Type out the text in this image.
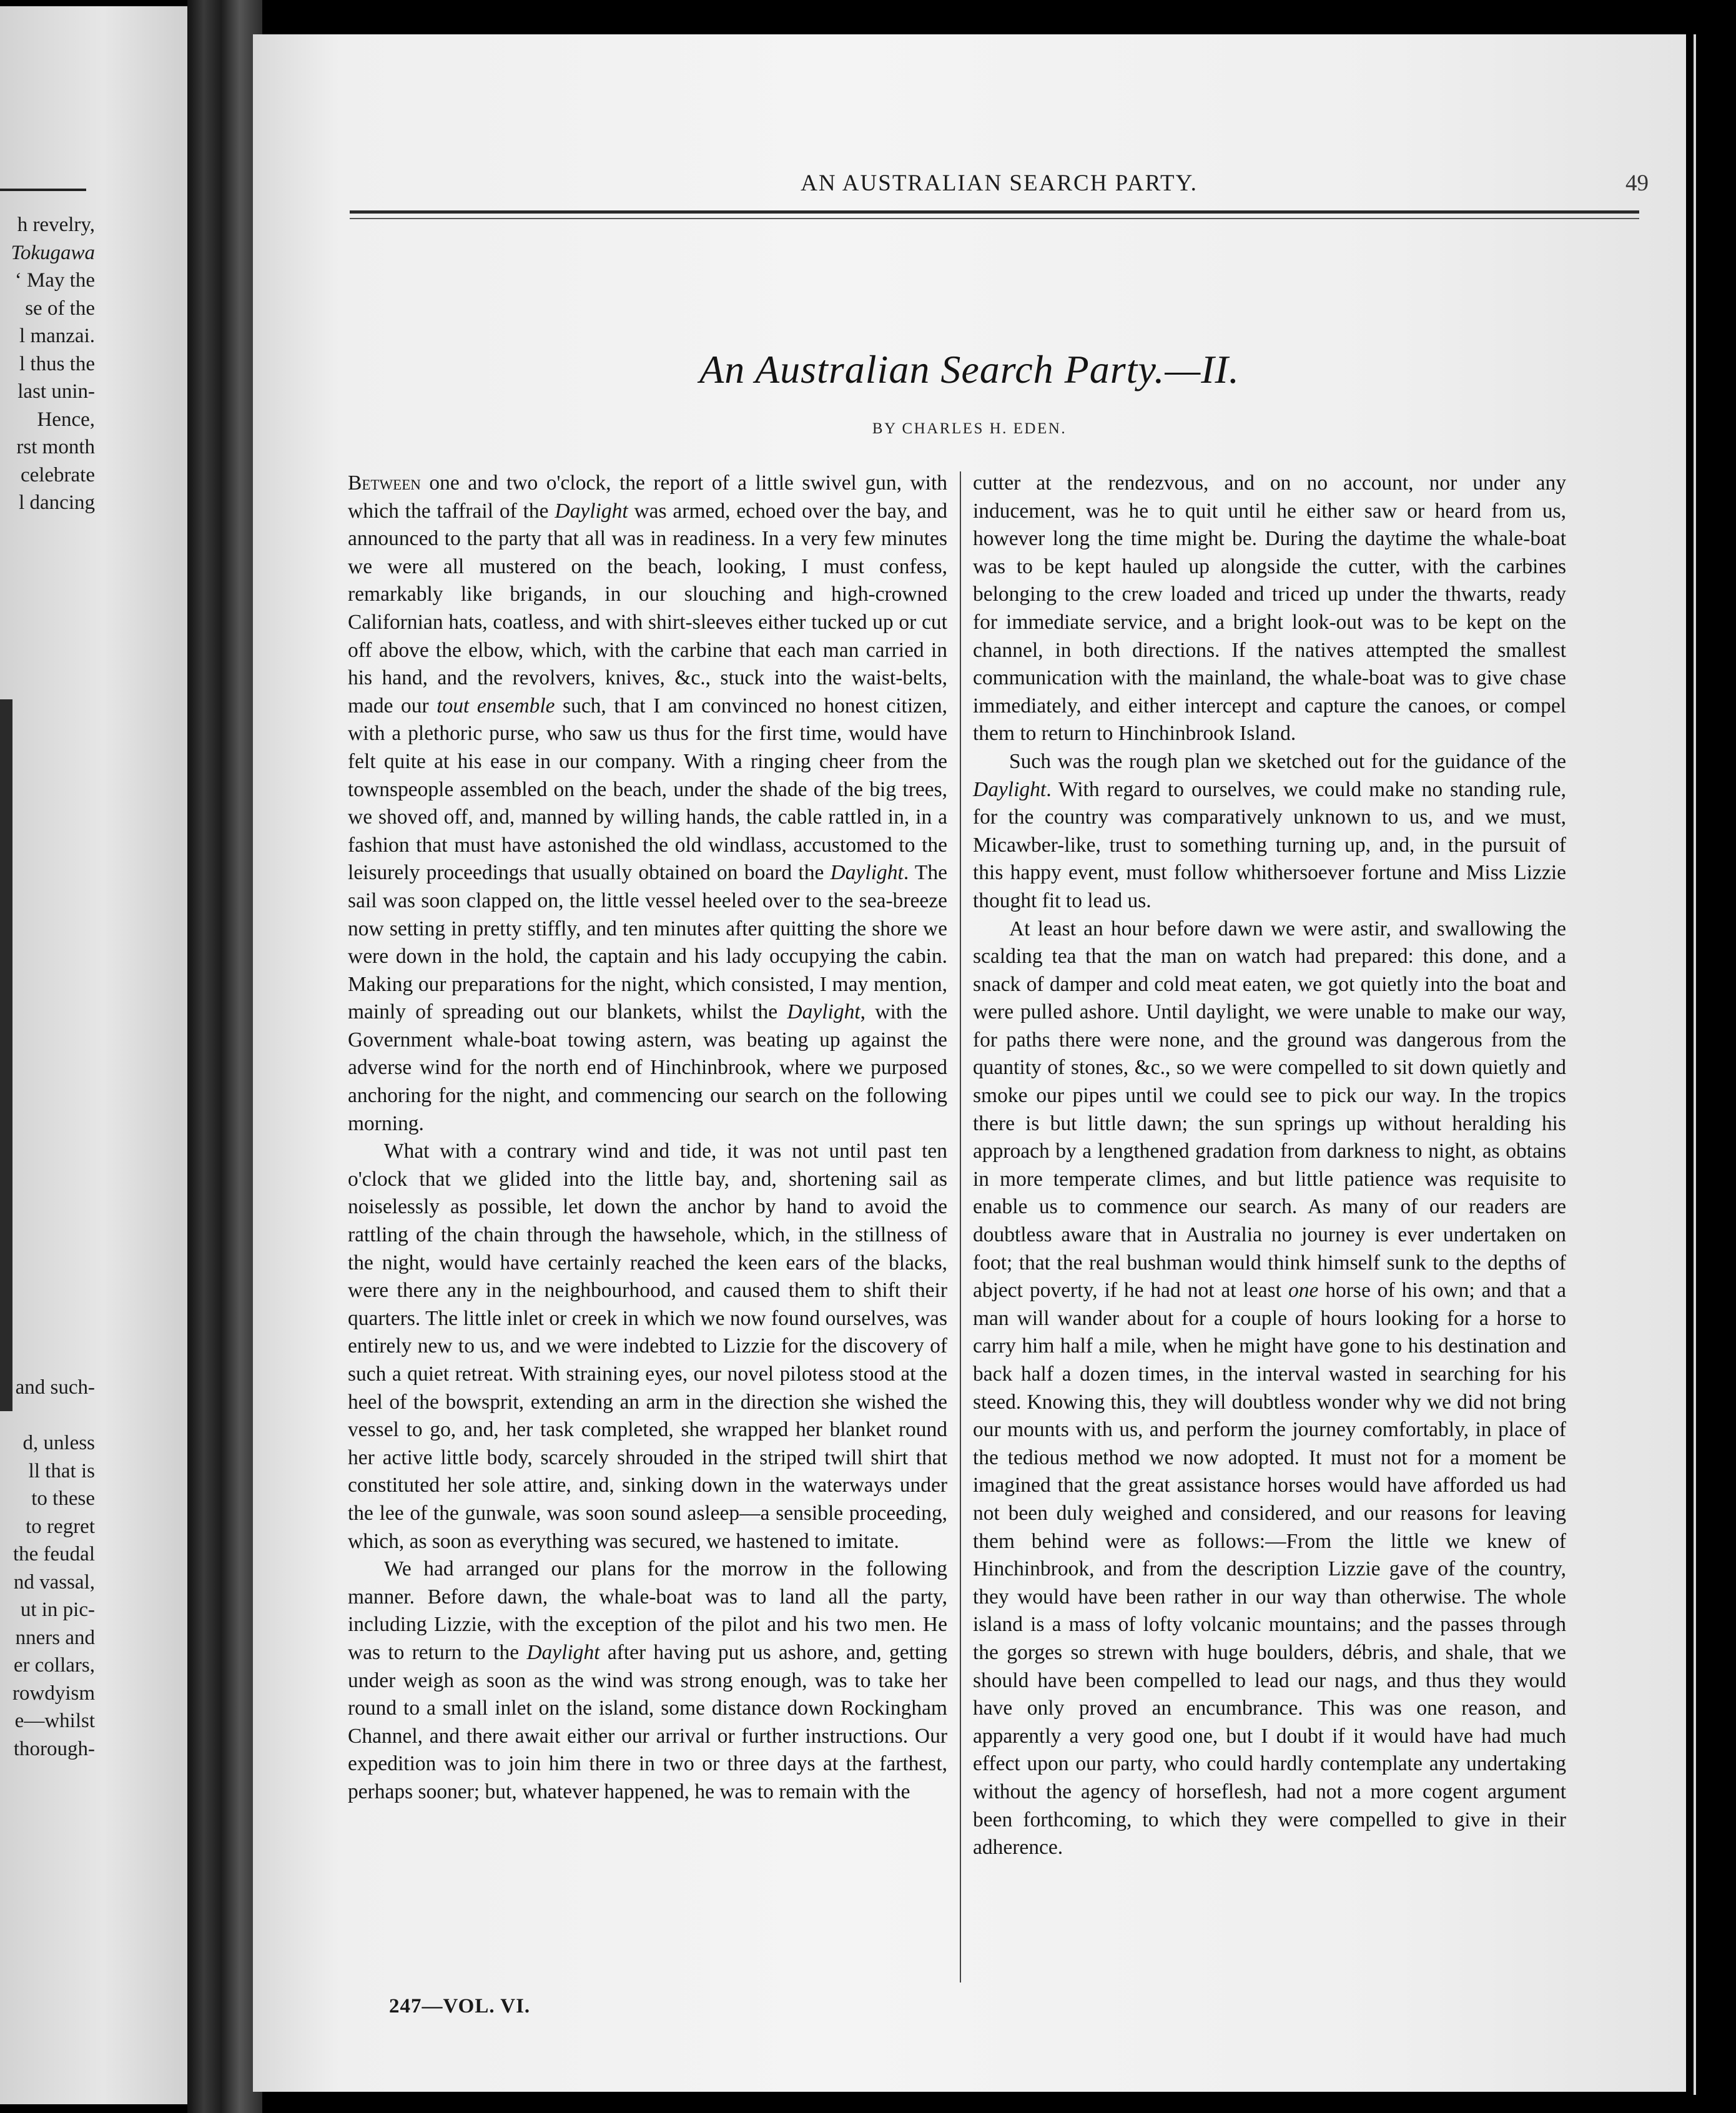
h revelry,
Tokugawa
‘ May the
se of the
l manzai.
l thus the
last unin-
Hence,
rst month
celebrate
l dancing
and such-

d, unless
ll that is
to these
to regret
the feudal
nd vassal,
ut in pic-
nners and
er collars,
rowdyism
e—whilst
thorough-
AN AUSTRALIAN SEARCH PARTY.	49
An Australian Search Party.—II.
BY CHARLES H. EDEN.

Between one and two o'clock, the report of a little swivel gun, with which the taffrail of the Daylight was armed, echoed over the bay, and announced to the party that all was in readiness. In a very few minutes we were all mustered on the beach, looking, I must confess, remarkably like brigands, in our slouching and high-crowned Californian hats, coatless, and with shirt-sleeves either tucked up or cut off above the elbow, which, with the carbine that each man carried in his hand, and the revolvers, knives, &c., stuck into the waist-belts, made our tout ensemble such, that I am convinced no honest citizen, with a plethoric purse, who saw us thus for the first time, would have felt quite at his ease in our company. With a ringing cheer from the townspeople assembled on the beach, under the shade of the big trees, we shoved off, and, manned by willing hands, the cable rattled in, in a fashion that must have astonished the old windlass, accustomed to the leisurely proceedings that usually obtained on board the Daylight. The sail was soon clapped on, the little vessel heeled over to the sea-breeze now setting in pretty stiffly, and ten minutes after quitting the shore we were down in the hold, the captain and his lady occupying the cabin. Making our preparations for the night, which consisted, I may mention, mainly of spreading out our blankets, whilst the Daylight, with the Government whale-boat towing astern, was beating up against the adverse wind for the north end of Hinchinbrook, where we purposed anchoring for the night, and commencing our search on the following morning.

What with a contrary wind and tide, it was not until past ten o'clock that we glided into the little bay, and, shortening sail as noiselessly as possible, let down the anchor by hand to avoid the rattling of the chain through the hawsehole, which, in the stillness of the night, would have certainly reached the keen ears of the blacks, were there any in the neighbourhood, and caused them to shift their quarters. The little inlet or creek in which we now found ourselves, was entirely new to us, and we were indebted to Lizzie for the discovery of such a quiet retreat. With straining eyes, our novel pilotess stood at the heel of the bowsprit, extending an arm in the direction she wished the vessel to go, and, her task completed, she wrapped her blanket round her active little body, scarcely shrouded in the striped twill shirt that constituted her sole attire, and, sinking down in the waterways under the lee of the gunwale, was soon sound asleep—a sensible proceeding, which, as soon as everything was secured, we hastened to imitate.

We had arranged our plans for the morrow in the following manner. Before dawn, the whale-boat was to land all the party, including Lizzie, with the exception of the pilot and his two men. He was to return to the Daylight after having put us ashore, and, getting under weigh as soon as the wind was strong enough, was to take her round to a small inlet on the island, some distance down Rockingham Channel, and there await either our arrival or further instructions. Our expedition was to join him there in two or three days at the farthest, perhaps sooner; but, whatever happened, he was to remain with the

cutter at the rendezvous, and on no account, nor under any inducement, was he to quit until he either saw or heard from us, however long the time might be. During the daytime the whale-boat was to be kept hauled up alongside the cutter, with the carbines belonging to the crew loaded and triced up under the thwarts, ready for immediate service, and a bright look-out was to be kept on the channel, in both directions. If the natives attempted the smallest communication with the mainland, the whale-boat was to give chase immediately, and either intercept and capture the canoes, or compel them to return to Hinchinbrook Island.

Such was the rough plan we sketched out for the guidance of the Daylight. With regard to ourselves, we could make no standing rule, for the country was comparatively unknown to us, and we must, Micawber-like, trust to something turning up, and, in the pursuit of this happy event, must follow whithersoever fortune and Miss Lizzie thought fit to lead us.

At least an hour before dawn we were astir, and swallowing the scalding tea that the man on watch had prepared: this done, and a snack of damper and cold meat eaten, we got quietly into the boat and were pulled ashore. Until daylight, we were unable to make our way, for paths there were none, and the ground was dangerous from the quantity of stones, &c., so we were compelled to sit down quietly and smoke our pipes until we could see to pick our way. In the tropics there is but little dawn; the sun springs up without heralding his approach by a lengthened gradation from darkness to night, as obtains in more temperate climes, and but little patience was requisite to enable us to commence our search. As many of our readers are doubtless aware that in Australia no journey is ever undertaken on foot; that the real bushman would think himself sunk to the depths of abject poverty, if he had not at least one horse of his own; and that a man will wander about for a couple of hours looking for a horse to carry him half a mile, when he might have gone to his destination and back half a dozen times, in the interval wasted in searching for his steed. Knowing this, they will doubtless wonder why we did not bring our mounts with us, and perform the journey comfortably, in place of the tedious method we now adopted. It must not for a moment be imagined that the great assistance horses would have afforded us had not been duly weighed and considered, and our reasons for leaving them behind were as follows:—From the little we knew of Hinchinbrook, and from the description Lizzie gave of the country, they would have been rather in our way than otherwise. The whole island is a mass of lofty volcanic mountains; and the passes through the gorges so strewn with huge boulders, débris, and shale, that we should have been compelled to lead our nags, and thus they would have only proved an encumbrance. This was one reason, and apparently a very good one, but I doubt if it would have had much effect upon our party, who could hardly contemplate any undertaking without the agency of horseflesh, had not a more cogent argument been forthcoming, to which they were compelled to give in their adherence.

247—VOL. VI.
